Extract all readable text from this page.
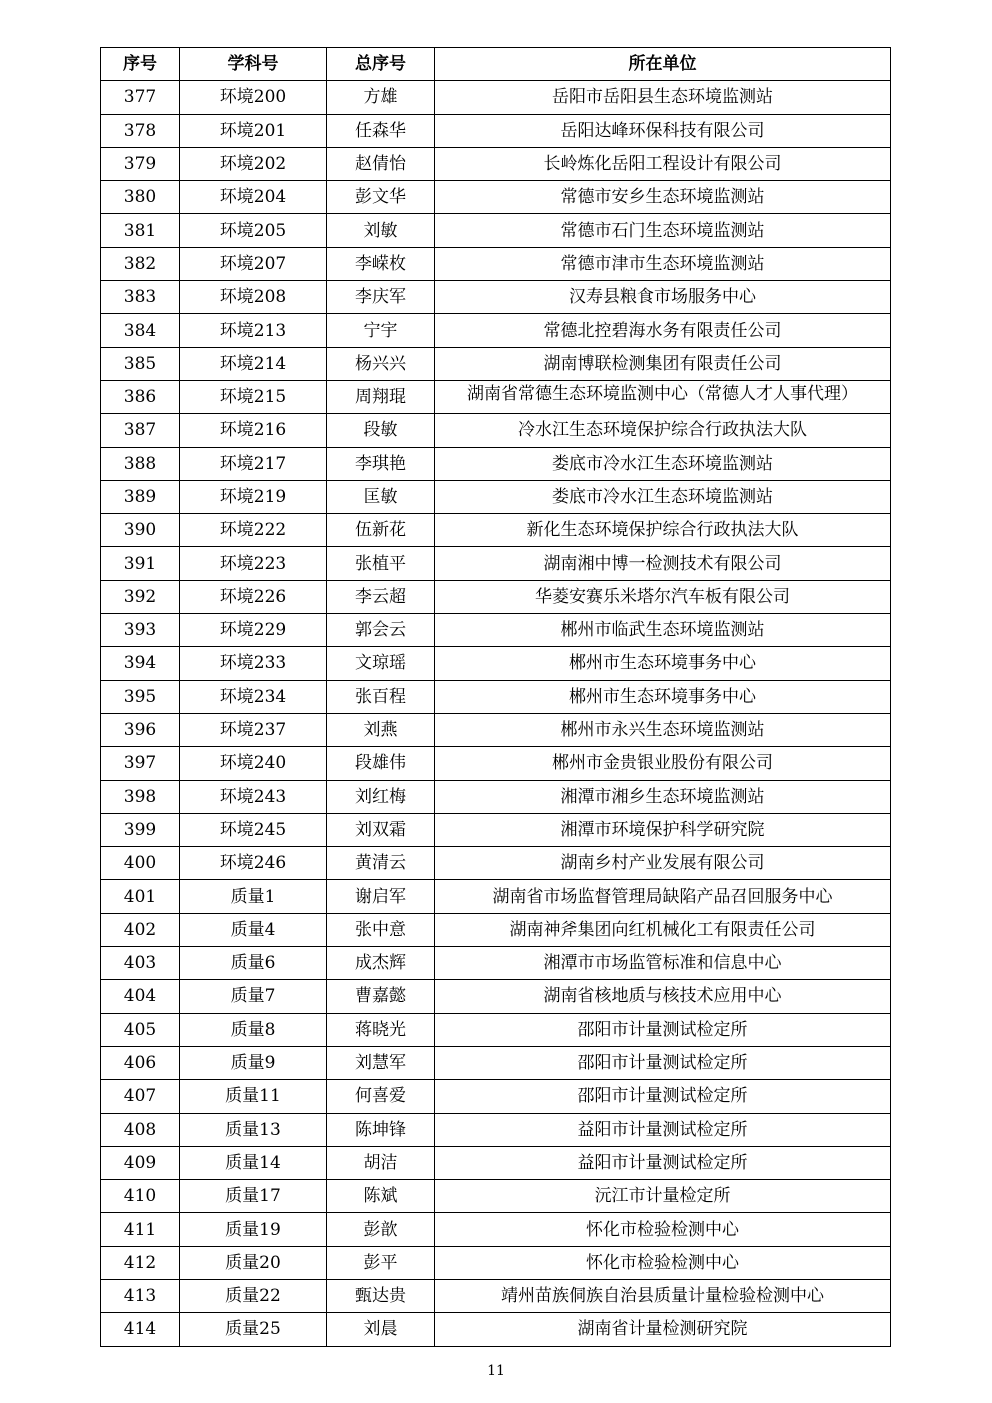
序号	学科号	总序号	所在单位
377	环境200	方雄	岳阳市岳阳县生态环境监测站
378	环境201	任森华	岳阳达峰环保科技有限公司
379	环境202	赵倩怡	长岭炼化岳阳工程设计有限公司
380	环境204	彭文华	常德市安乡生态环境监测站
381	环境205	刘敏	常德市石门生态环境监测站
382	环境207	李嵘枚	常德市津市生态环境监测站
383	环境208	李庆军	汉寿县粮食市场服务中心
384	环境213	宁宇	常德北控碧海水务有限责任公司
385	环境214	杨兴兴	湖南博联检测集团有限责任公司
386	环境215	周翔琨	湖南省常德生态环境监测中心（常德人才人事代理）

387	环境216	段敏	冷水江生态环境保护综合行政执法大队
388	环境217	李琪艳	娄底市冷水江生态环境监测站
389	环境219	匡敏	娄底市冷水江生态环境监测站
390	环境222	伍新花	新化生态环境保护综合行政执法大队
391	环境223	张植平	湖南湘中博一检测技术有限公司
392	环境226	李云超	华菱安赛乐米塔尔汽车板有限公司
393	环境229	郭会云	郴州市临武生态环境监测站
394	环境233	文琼瑶	郴州市生态环境事务中心
395	环境234	张百程	郴州市生态环境事务中心
396	环境237	刘燕	郴州市永兴生态环境监测站
397	环境240	段雄伟	郴州市金贵银业股份有限公司
398	环境243	刘红梅	湘潭市湘乡生态环境监测站
399	环境245	刘双霜	湘潭市环境保护科学研究院
400	环境246	黄清云	湖南乡村产业发展有限公司
401	质量1	谢启军	湖南省市场监督管理局缺陷产品召回服务中心
402	质量4	张中意	湖南神斧集团向红机械化工有限责任公司
403	质量6	成杰辉	湘潭市市场监管标准和信息中心
404	质量7	曹嘉懿	湖南省核地质与核技术应用中心
405	质量8	蒋晓光	邵阳市计量测试检定所
406	质量9	刘慧军	邵阳市计量测试检定所
407	质量11	何喜爱	邵阳市计量测试检定所
408	质量13	陈坤锋	益阳市计量测试检定所
409	质量14	胡洁	益阳市计量测试检定所
410	质量17	陈斌	沅江市计量检定所
411	质量19	彭歆	怀化市检验检测中心
412	质量20	彭平	怀化市检验检测中心
413	质量22	甄达贵	靖州苗族侗族自治县质量计量检验检测中心
414	质量25	刘晨	湖南省计量检测研究院
11
